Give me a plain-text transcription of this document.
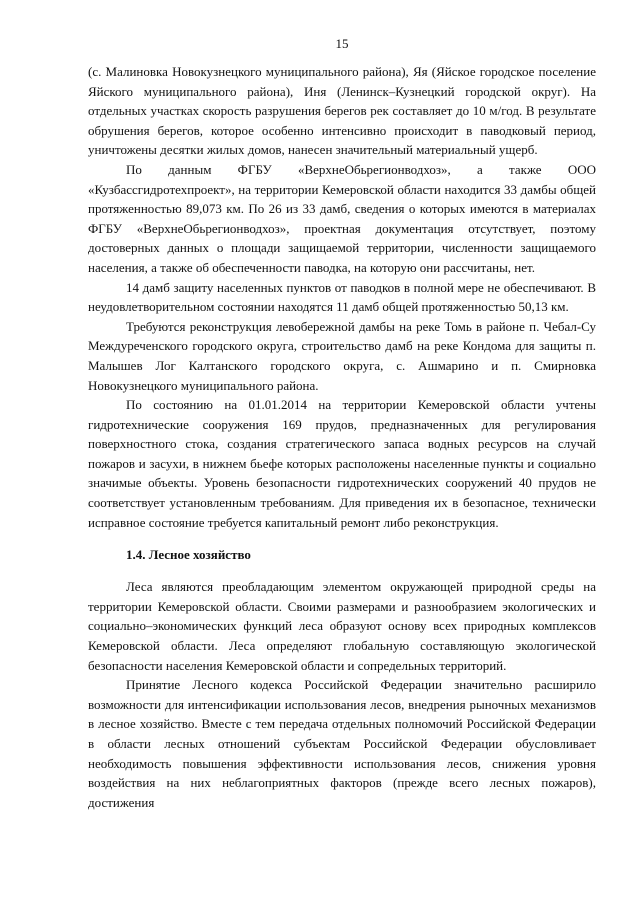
15

(с. Малиновка Новокузнецкого муниципального района), Яя (Яйское городское поселение Яйского муниципального района), Иня (Ленинск–Кузнецкий городской округ). На отдельных участках скорость разрушения берегов рек составляет до 10 м/год. В результате обрушения берегов, которое особенно интенсивно происходит в паводковый период, уничтожены десятки жилых домов, нанесен значительный материальный ущерб.

По данным ФГБУ «ВерхнеОбьрегионводхоз», а также ООО «Кузбассгидротехпроект», на территории Кемеровской области находится 33 дамбы общей протяженностью 89,073 км. По 26 из 33 дамб, сведения о которых имеются в материалах ФГБУ «ВерхнеОбьрегионводхоз», проектная документация отсутствует, поэтому достоверных данных о площади защищаемой территории, численности защищаемого населения, а также об обеспеченности паводка, на которую они рассчитаны, нет.

14 дамб защиту населенных пунктов от паводков в полной мере не обеспечивают. В неудовлетворительном состоянии находятся 11 дамб общей протяженностью 50,13 км.

Требуются реконструкция левобережной дамбы на реке Томь в районе п. Чебал-Су Междуреченского городского округа, строительство дамб на реке Кондома для защиты п. Малышев Лог Калтанского городского округа, с. Ашмарино и п. Смирновка Новокузнецкого муниципального района.

По состоянию на 01.01.2014 на территории Кемеровской области учтены гидротехнические сооружения 169 прудов, предназначенных для регулирования поверхностного стока, создания стратегического запаса водных ресурсов на случай пожаров и засухи, в нижнем бьефе которых расположены населенные пункты и социально значимые объекты. Уровень безопасности гидротехнических сооружений 40 прудов не соответствует установленным требованиям. Для приведения их в безопасное, технически исправное состояние требуется капитальный ремонт либо реконструкция.

1.4. Лесное хозяйство

Леса являются преобладающим элементом окружающей природной среды на территории Кемеровской области. Своими размерами и разнообразием экологических и социально–экономических функций леса образуют основу всех природных комплексов Кемеровской области. Леса определяют глобальную составляющую экологической безопасности населения Кемеровской области и сопредельных территорий.

Принятие Лесного кодекса Российской Федерации значительно расширило возможности для интенсификации использования лесов, внедрения рыночных механизмов в лесное хозяйство. Вместе с тем передача отдельных полномочий Российской Федерации в области лесных отношений субъектам Российской Федерации обусловливает необходимость повышения эффективности использования лесов, снижения уровня воздействия на них неблагоприятных факторов (прежде всего лесных пожаров), достижения
